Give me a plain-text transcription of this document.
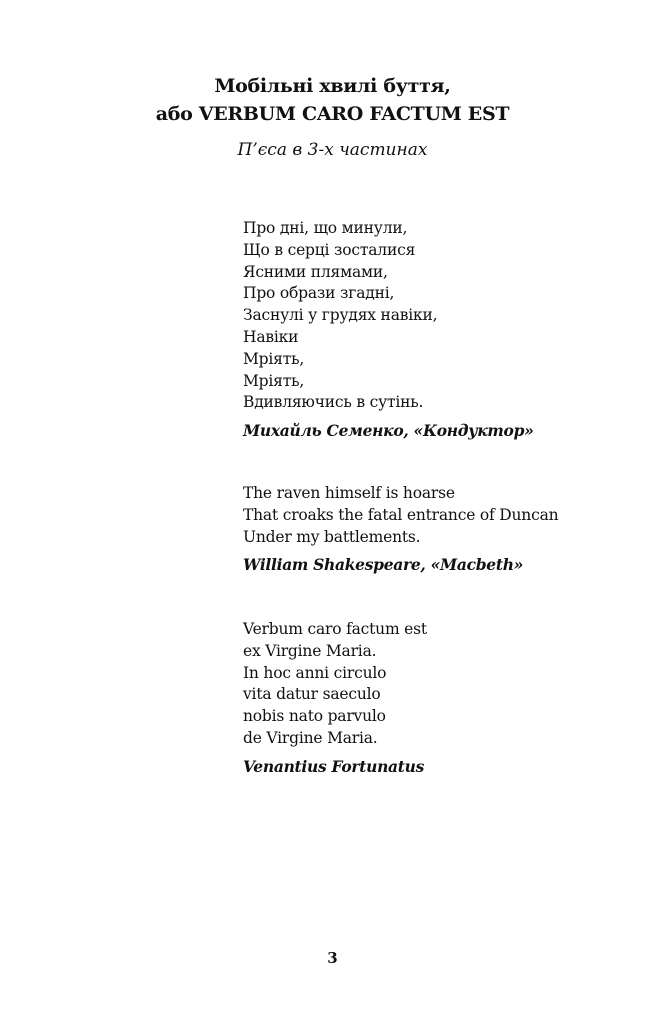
Мобільні хвилі буття,
або VERBUM CARO FACTUM EST
П’єса в 3-х частинах
Про дні, що минули,
Що в серці зосталися
Ясними плямами,
Про образи згадні,
Заснулі у грудях навіки,
Навіки
Мріять,
Мріять,
Вдивляючись в сутінь.
Михайль Семенко, «Кондуктор»
The raven himself is hoarse
That croaks the fatal entrance of Duncan
Under my battlements.
William Shakespeare, «Macbeth»
Verbum caro factum est
ex Virgine Maria.
In hoc anni circulo
vita datur saeculo
nobis nato parvulo
de Virgine Maria.
Venantius Fortunatus
3
